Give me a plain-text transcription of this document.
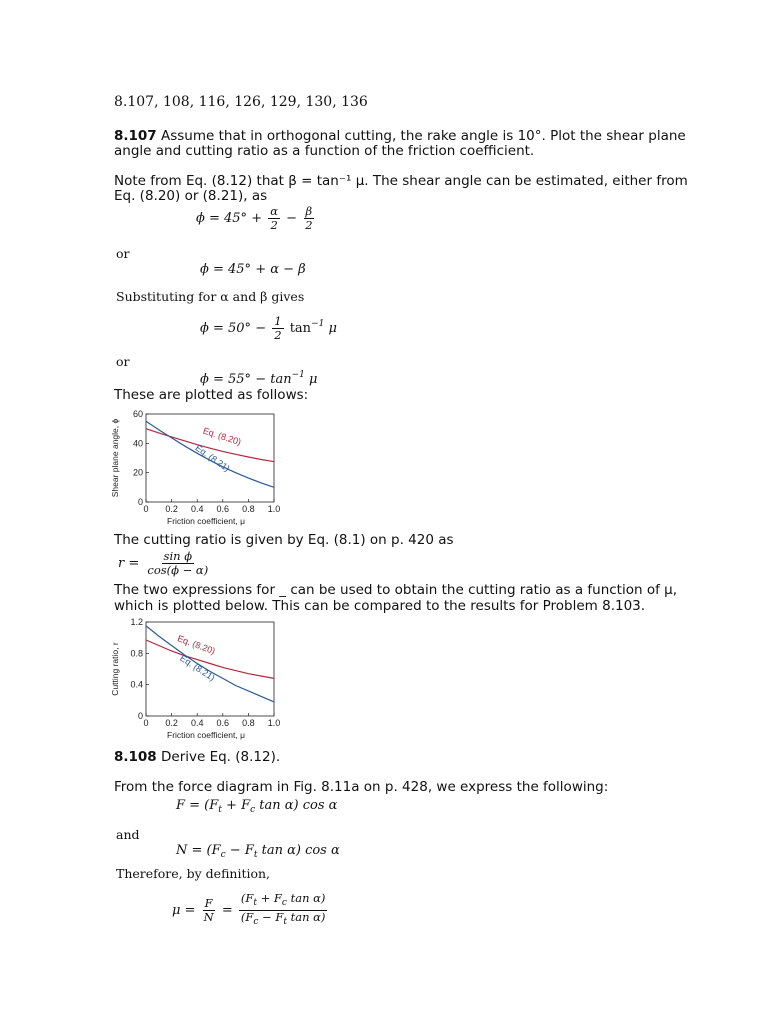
8.107, 108, 116, 126, 129, 130, 136
8.107 Assume that in orthogonal cutting, the rake angle is 10°. Plot the shear plane
angle and cutting ratio as a function of the friction coefficient.
Note from Eq. (8.12) that β = tan⁻¹ μ. The shear angle can be estimated, either from
Eq. (8.20) or (8.21), as
$\phi = 45^\circ + \frac{\alpha}{2} - \frac{\beta}{2}$
or
ϕ = 45° + α − β
Substituting for α and β gives
$\phi = 50^\circ - \frac{1}{2} \tan^{-1} \mu$
or
$\phi = 55^\circ - \tan^{-1} \mu$
These are plotted as follows:
0 0.2 0.4 0.6 0.8 1.0
0
20
40
60
Friction coefficient, μ
Shear plane angle, ϕ	Eq. (8.20)
Eq. (8.21)
The cutting ratio is given by Eq. (8.1) on p. 420 as
$r = \frac{\text{sin ϕ}}{\cos(\phi - \alpha)}$
The two expressions for _ can be used to obtain the cutting ratio as a function of μ,
which is plotted below. This can be compared to the results for Problem 8.103.
0 0.2 0.4 0.6 0.8 1.0
0
0.4
0.8
1.2
Friction coefficient, μ
Cutting ratio, r	Eq. (8.20)
Eq. (8.21)
8.108 Derive Eq. (8.12).
From the force diagram in Fig. 8.11a on p. 428, we express the following:
$F = (F_t + F_c$ tan α) cos α
and
$N = (F_c - F_t$ tan α) cos α
Therefore, by definition,
$\mu = \frac{F}{N} = \frac{(F_t + F_c \tan \alpha)}{(F_c - F_t \tan \alpha)}$
